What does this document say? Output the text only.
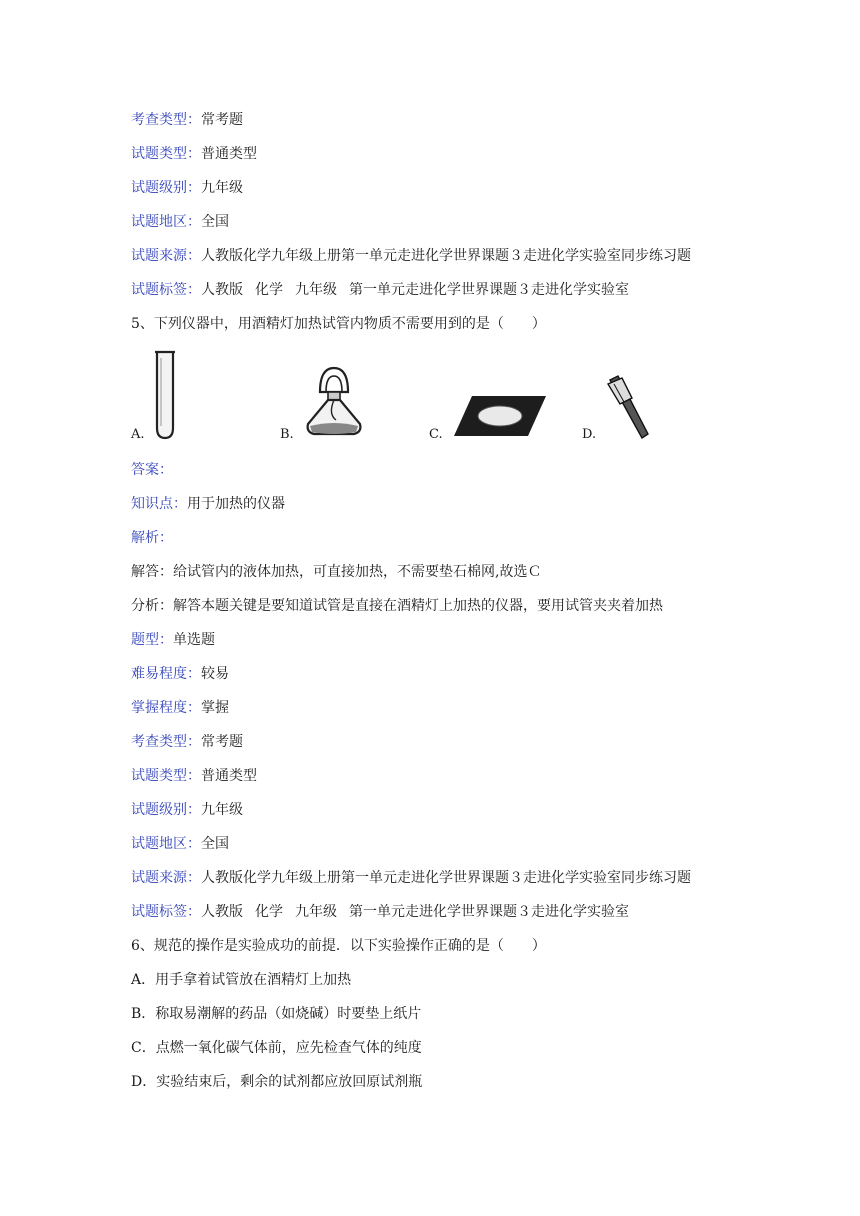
考查类型：常考题
试题类型：普通类型
试题级别：九年级
试题地区：全国
试题来源：人教版化学九年级上册第一单元走进化学世界课题３走进化学实验室同步练习题
试题标签：人教版 化学 九年级 第一单元走进化学世界课题３走进化学实验室
5、下列仪器中，用酒精灯加热试管内物质不需要用到的是（　　）
A.	B.	C.	D.
答案：
知识点：用于加热的仪器
解析：
解答：给试管内的液体加热，可直接加热，不需要垫石棉网,故选Ｃ
分析：解答本题关键是要知道试管是直接在酒精灯上加热的仪器，要用试管夹夹着加热
题型：单选题
难易程度：较易
掌握程度：掌握
考查类型：常考题
试题类型：普通类型
试题级别：九年级
试题地区：全国
试题来源：人教版化学九年级上册第一单元走进化学世界课题３走进化学实验室同步练习题
试题标签：人教版 化学 九年级 第一单元走进化学世界课题３走进化学实验室
6、规范的操作是实验成功的前提．以下实验操作正确的是（　　）
A．用手拿着试管放在酒精灯上加热
B．称取易潮解的药品（如烧碱）时要垫上纸片
C．点燃一氧化碳气体前，应先检查气体的纯度
D．实验结束后，剩余的试剂都应放回原试剂瓶
